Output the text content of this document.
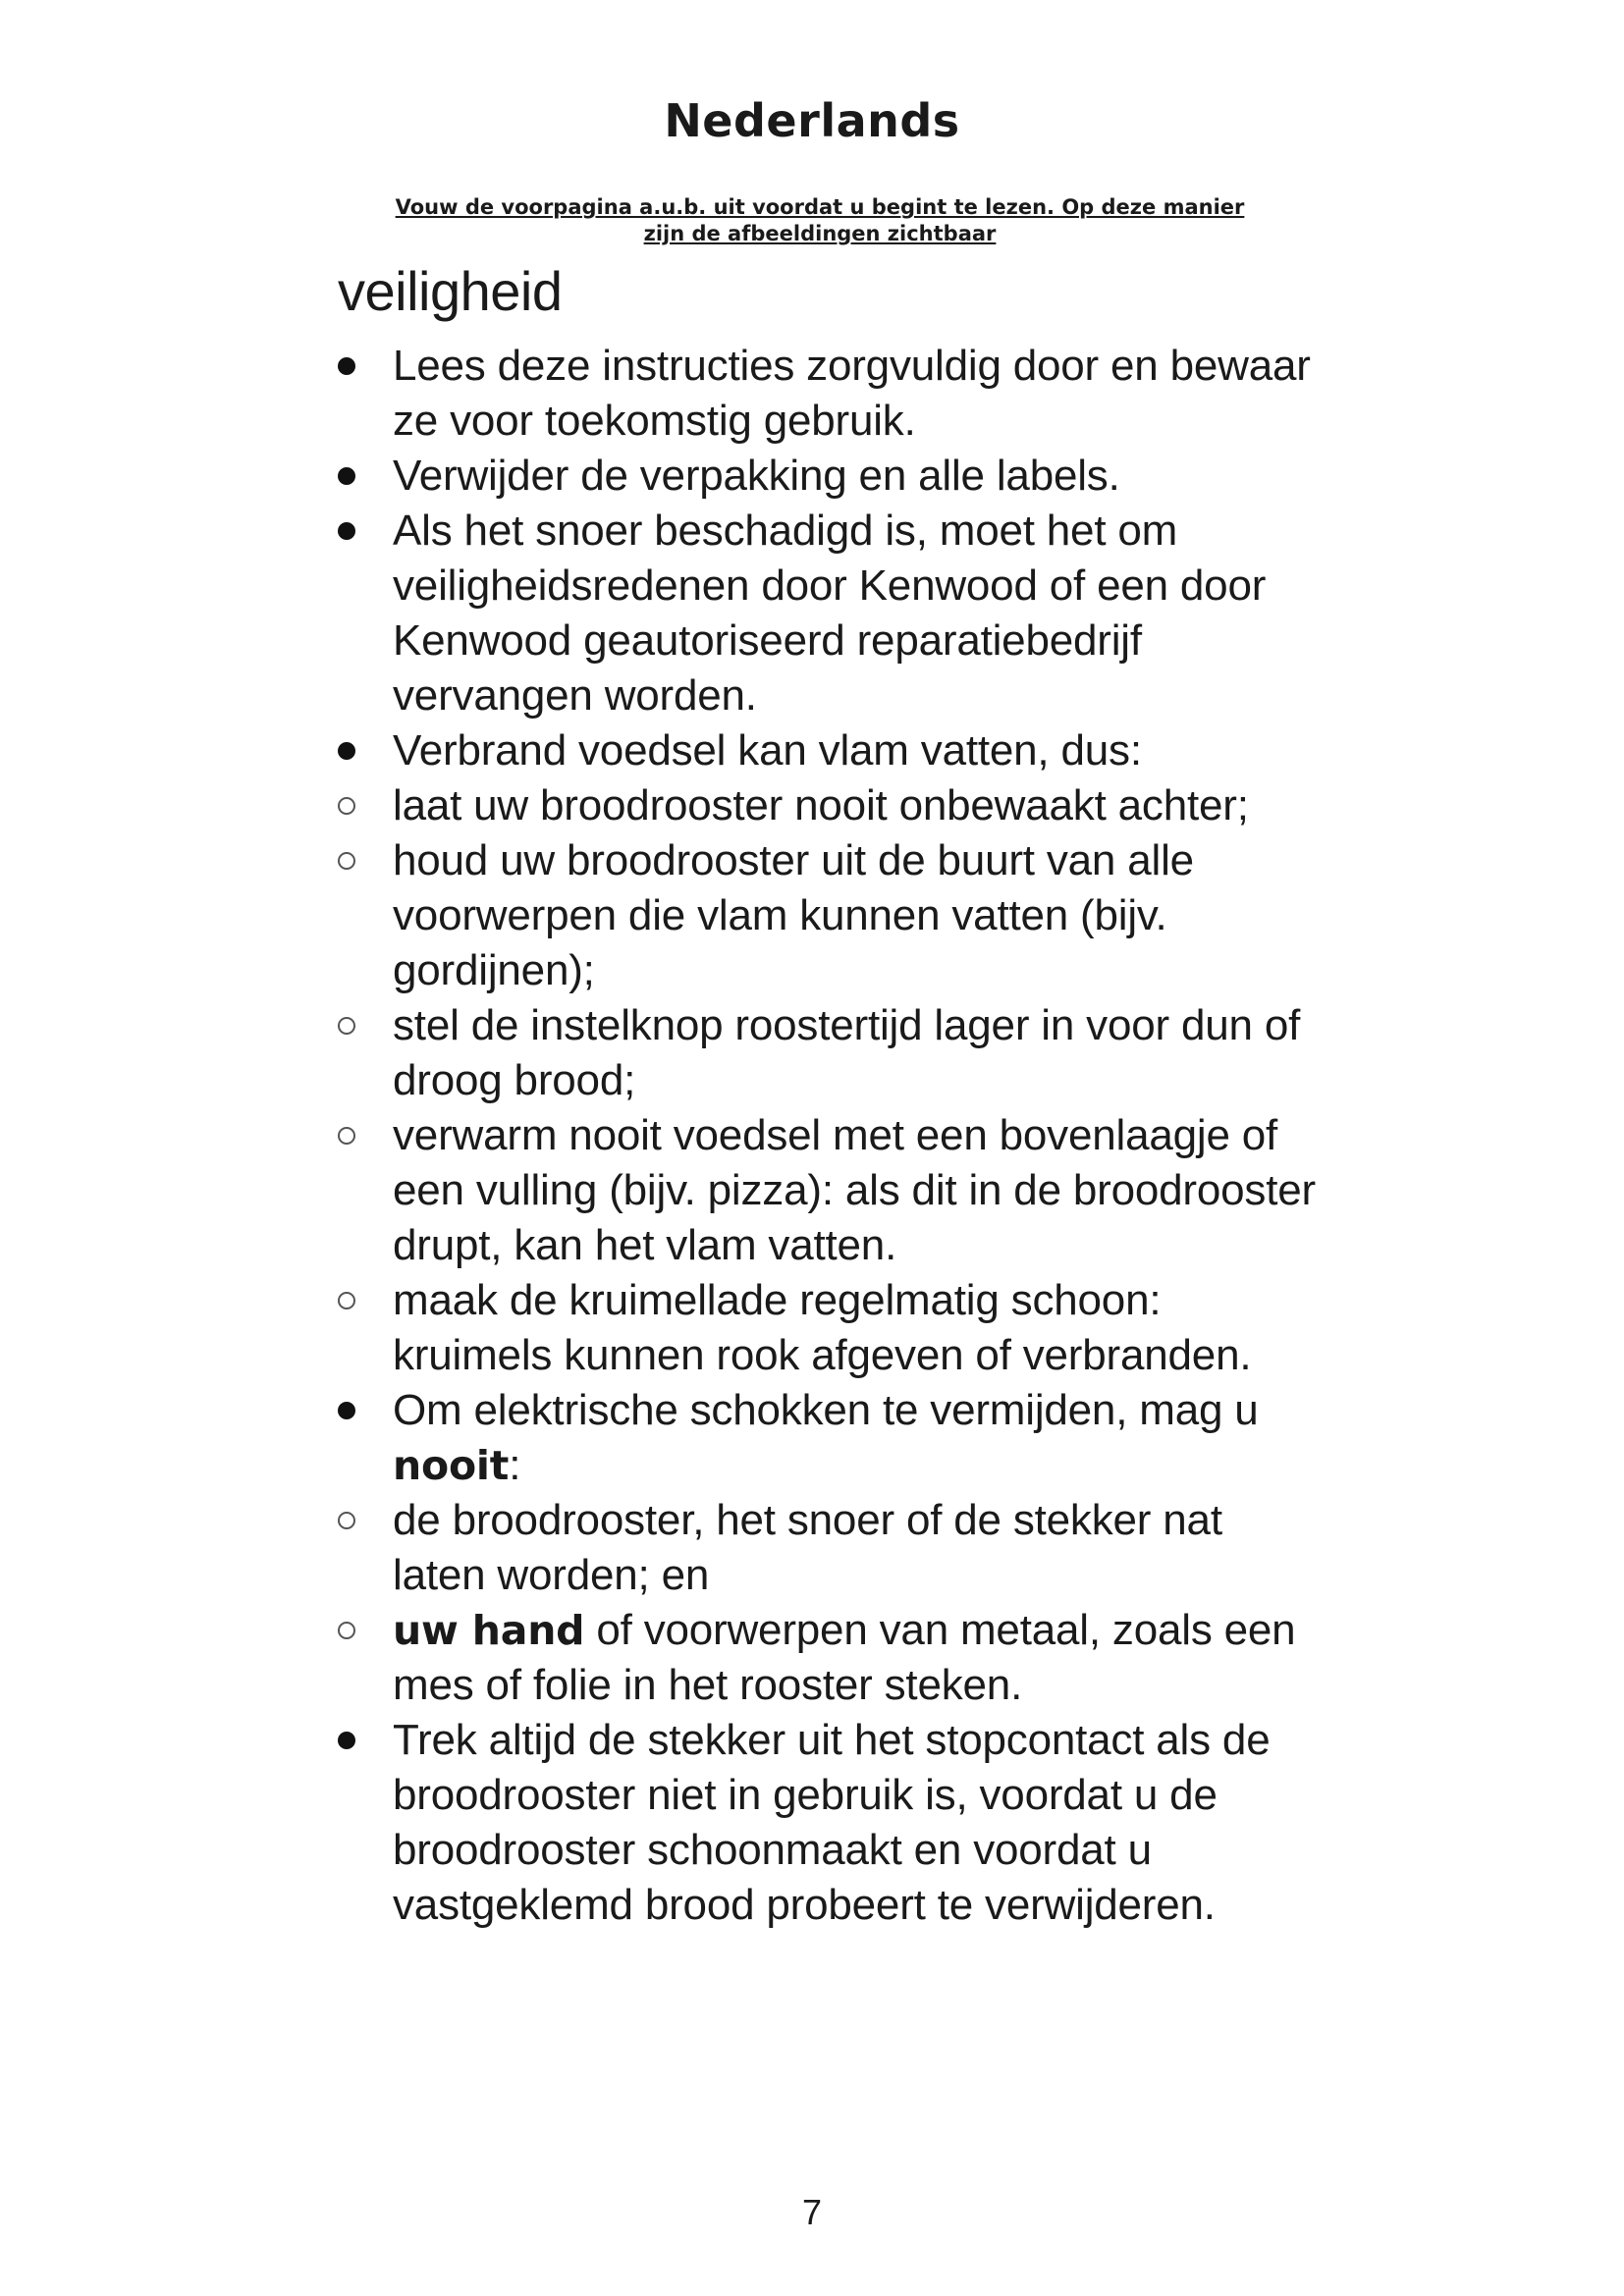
Nederlands

Vouw de voorpagina a.u.b. uit voordat u begint te lezen. Op deze manier zijn de afbeeldingen zichtbaar

veiligheid
Lees deze instructies zorgvuldig door en bewaar ze voor toekomstig gebruik.
Verwijder de verpakking en alle labels.
Als het snoer beschadigd is, moet het om veiligheidsredenen door Kenwood of een door Kenwood geautoriseerd reparatiebedrijf vervangen worden.
Verbrand voedsel kan vlam vatten, dus:
laat uw broodrooster nooit onbewaakt achter;
houd uw broodrooster uit de buurt van alle voorwerpen die vlam kunnen vatten (bijv. gordijnen);
stel de instelknop roostertijd lager in voor dun of droog brood;
verwarm nooit voedsel met een bovenlaagje of een vulling (bijv. pizza): als dit in de broodrooster drupt, kan het vlam vatten.
maak de kruimellade regelmatig schoon: kruimels kunnen rook afgeven of verbranden.
Om elektrische schokken te vermijden, mag u nooit:
de broodrooster, het snoer of de stekker nat laten worden; en
uw hand of voorwerpen van metaal, zoals een mes of folie in het rooster steken.
Trek altijd de stekker uit het stopcontact als de broodrooster niet in gebruik is, voordat u de broodrooster schoonmaakt en voordat u vastgeklemd brood probeert te verwijderen.

7
